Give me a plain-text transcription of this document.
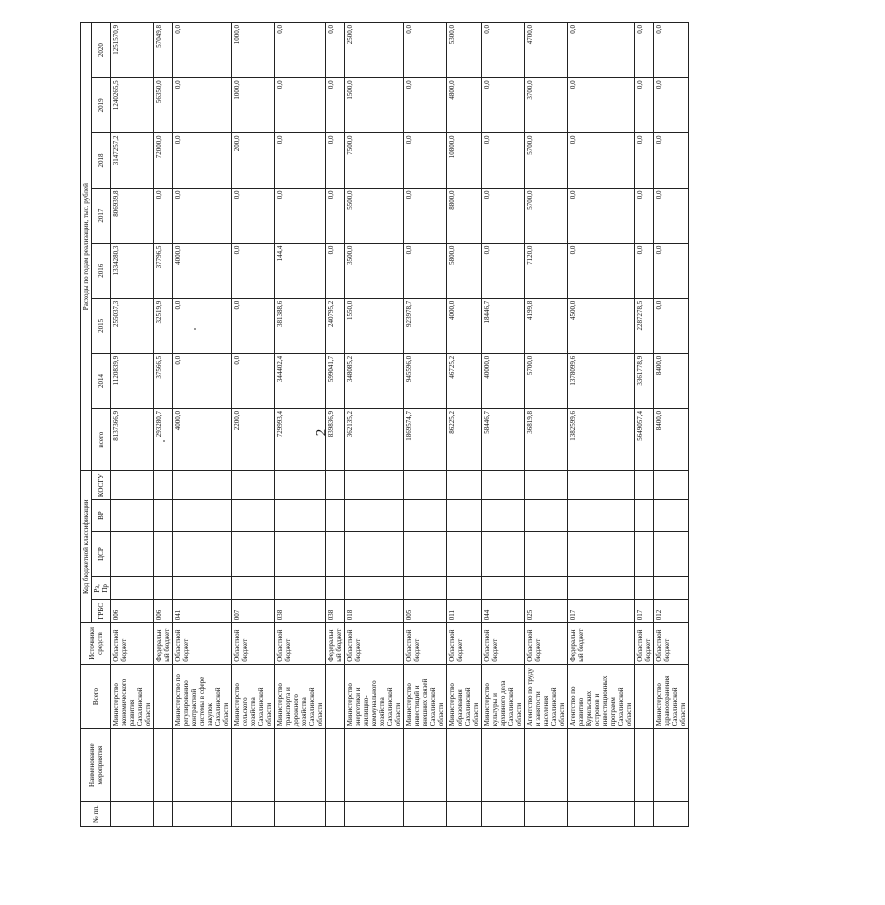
2
№ пп.	Наименование мероприятия	Всего	Источники средств	Код бюджетной классификации					Расходы по годам реализации, тыс. рублей							
				ГРБС	Рз, Пр	ЦСР	ВР	КОСГУ	всего	2014	2015	2016	2017	2018	2019	2020
		Министерство экономического развития Сахалинской области	Областной бюджет	006					8137366,9	1120839,9	255037,3	1334280,3	806939,8	3147257,2	1240265,5	1251570,9
			Федеральный бюджет	006					293280,7	37566,5	32519,9	37796,5	0,0	72000,0	56350,0	57049,8
		Министерство по регулированию контрактной системы в сфере закупок Сахалинской области	Областной бюджет	041					4000,0	0,0	0,0	4000,0	0,0	0,0	0,0	0,0
		Министерство сельского хозяйства Сахалинской области	Областной бюджет	007					2200,0	0,0	0,0	0,0	0,0	200,0	1000,0	1000,0
		Министерство транспорта и дорожного хозяйства Сахалинской области	Областной бюджет	038					729993,4	344402,4	381388,6	144,4	0,0	0,0	0,0	0,0
			Федеральный бюджет	038					839836,9	599041,7	240795,2	0,0	0,0	0,0	0,0	0,0
		Министерство энергетики и жилищно-коммунального хозяйства Сахалинской области	Областной бюджет	018					362135,2	348085,2	1550,0	3500,0	5500,0	7500,0	1500,0	2500,0
		Министерство инвестиций и внешних связей Сахалинской области	Областной бюджет	005					1869574,7	945596,0	923978,7	0,0	0,0	0,0	0,0	0,0
		Министерство образования Сахалинской области	Областной бюджет	011					86225,2	46725,2	4000,0	5800,0	8800,0	10800,0	4800,0	5300,0
		Министерство культуры и архивного дела Сахалинской области	Областной бюджет	044					58446,7	40000,0	18446,7	0,0	0,0	0,0	0,0	0,0
		Агентство по труду и занятости населения Сахалинской области	Областной бюджет	025					36819,8	5700,0	4199,8	7120,0	5700,0	5700,0	3700,0	4700,0
		Агентство по развитию Курильских островов и инвестиционных программ Сахалинской области	Федеральный бюджет	017					1382599,6	1378099,6	4500,0	0,0	0,0	0,0	0,0	0,0
			Областной бюджет	017					5649057,4	3361778,9	2287278,5	0,0	0,0	0,0	0,0	0,0
		Министерство здравоохранения Сахалинской области	Областной бюджет	012					8400,0	8400,0	0,0	0,0	0,0	0,0	0,0	0,0
